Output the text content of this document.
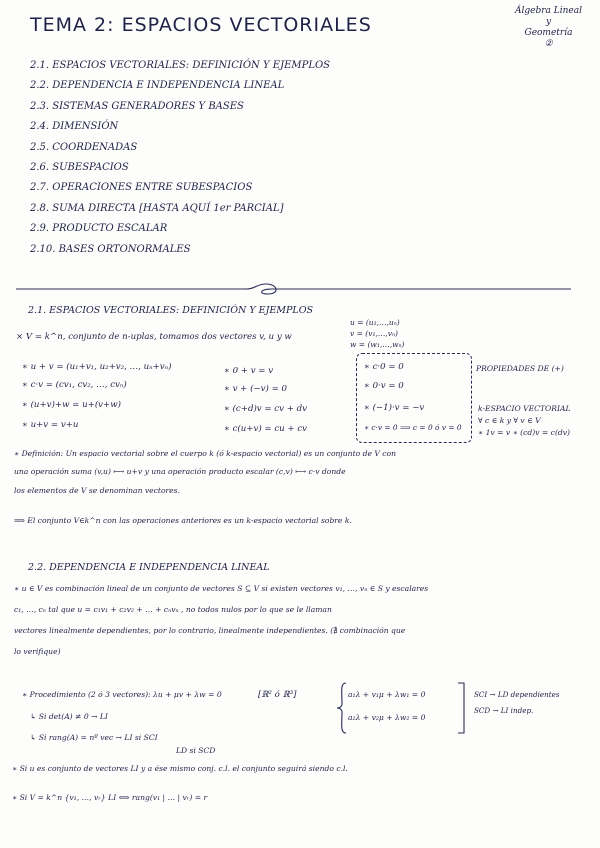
TEMA 2: ESPACIOS VECTORIALES
Álgebra Lineal
y
Geometría
②
2.1. ESPACIOS VECTORIALES: DEFINICIÓN Y EJEMPLOS
2.2. DEPENDENCIA E INDEPENDENCIA LINEAL
2.3. SISTEMAS GENERADORES Y BASES
2.4. DIMENSIÓN
2.5. COORDENADAS
2.6. SUBESPACIOS
2.7. OPERACIONES ENTRE SUBESPACIOS
2.8. SUMA DIRECTA [HASTA AQUÍ 1er PARCIAL]
2.9. PRODUCTO ESCALAR
2.10. BASES ORTONORMALES
2.1. ESPACIOS VECTORIALES: DEFINICIÓN Y EJEMPLOS
× V = k^n, conjunto de n-uplas, tomamos dos vectores v, u y w
u = (u₁,…,uₙ)
v = (v₁,…,vₙ)
w = (w₁,…,wₙ)
∗ u + v = (u₁+v₁, u₂+v₂, …, uₙ+vₙ)
∗ c·v = (cv₁, cv₂, …, cvₙ)
∗ (u+v)+w = u+(v+w)
∗ u+v = v+u
∗ 0 + v = v
∗ v + (−v) = 0
∗ (c+d)v = cv + dv
∗ c(u+v) = cu + cv
∗ c·0 = 0
∗ 0·v = 0
∗ (−1)·v = −v
∗ c·v = 0 ⟹ c = 0 ó v = 0
PROPIEDADES DE (+)
k-ESPACIO VECTORIAL
∀ c ∈ k y ∀ v ∈ V
∗ 1v = v ∗ (cd)v = c(dv)
∗ Definición: Un espacio vectorial sobre el cuerpo k (ó k-espacio vectorial) es un conjunto de V con
una operación suma (v,u) ⟼ u+v y una operación producto escalar (c,v) ⟼ c·v donde
los elementos de V se denominan vectores.
⟹ El conjunto V∈k^n con las operaciones anteriores es un k-espacio vectorial sobre k.
2.2. DEPENDENCIA E INDEPENDENCIA LINEAL
∗ u ∈ V es combinación lineal de un conjunto de vectores S ⊆ V si existen vectores v₁, …, vₙ ∈ S y escalares
c₁, …, cₙ tal que u = c₁v₁ + c₂v₂ + … + cₙvₙ , no todos nulos por lo que se le llaman
vectores linealmente dependientes, por lo contrario, linealmente independientes. (∄ combinación que
lo verifique)
∗ Procedimiento (2 ó 3 vectores): λu + μv + λw = 0
↳ Si det(A) ≠ 0 → LI
↳ Si rang(A) = nº vec → LI si SCI
LD si SCD
[ℝ² ó ℝ³]	a₁λ + v₁μ + λw₁ = 0
a₂λ + v₂μ + λw₂ = 0
SCI → LD dependientes
SCD → LI indep.
∗ Si u es conjunto de vectores LI y a ése mismo conj. c.l. el conjunto seguirá siendo c.l.
∗ Si V = k^n {v₁, …, vᵣ} LI ⟺ rang(v₁ | … | vᵣ) = r
